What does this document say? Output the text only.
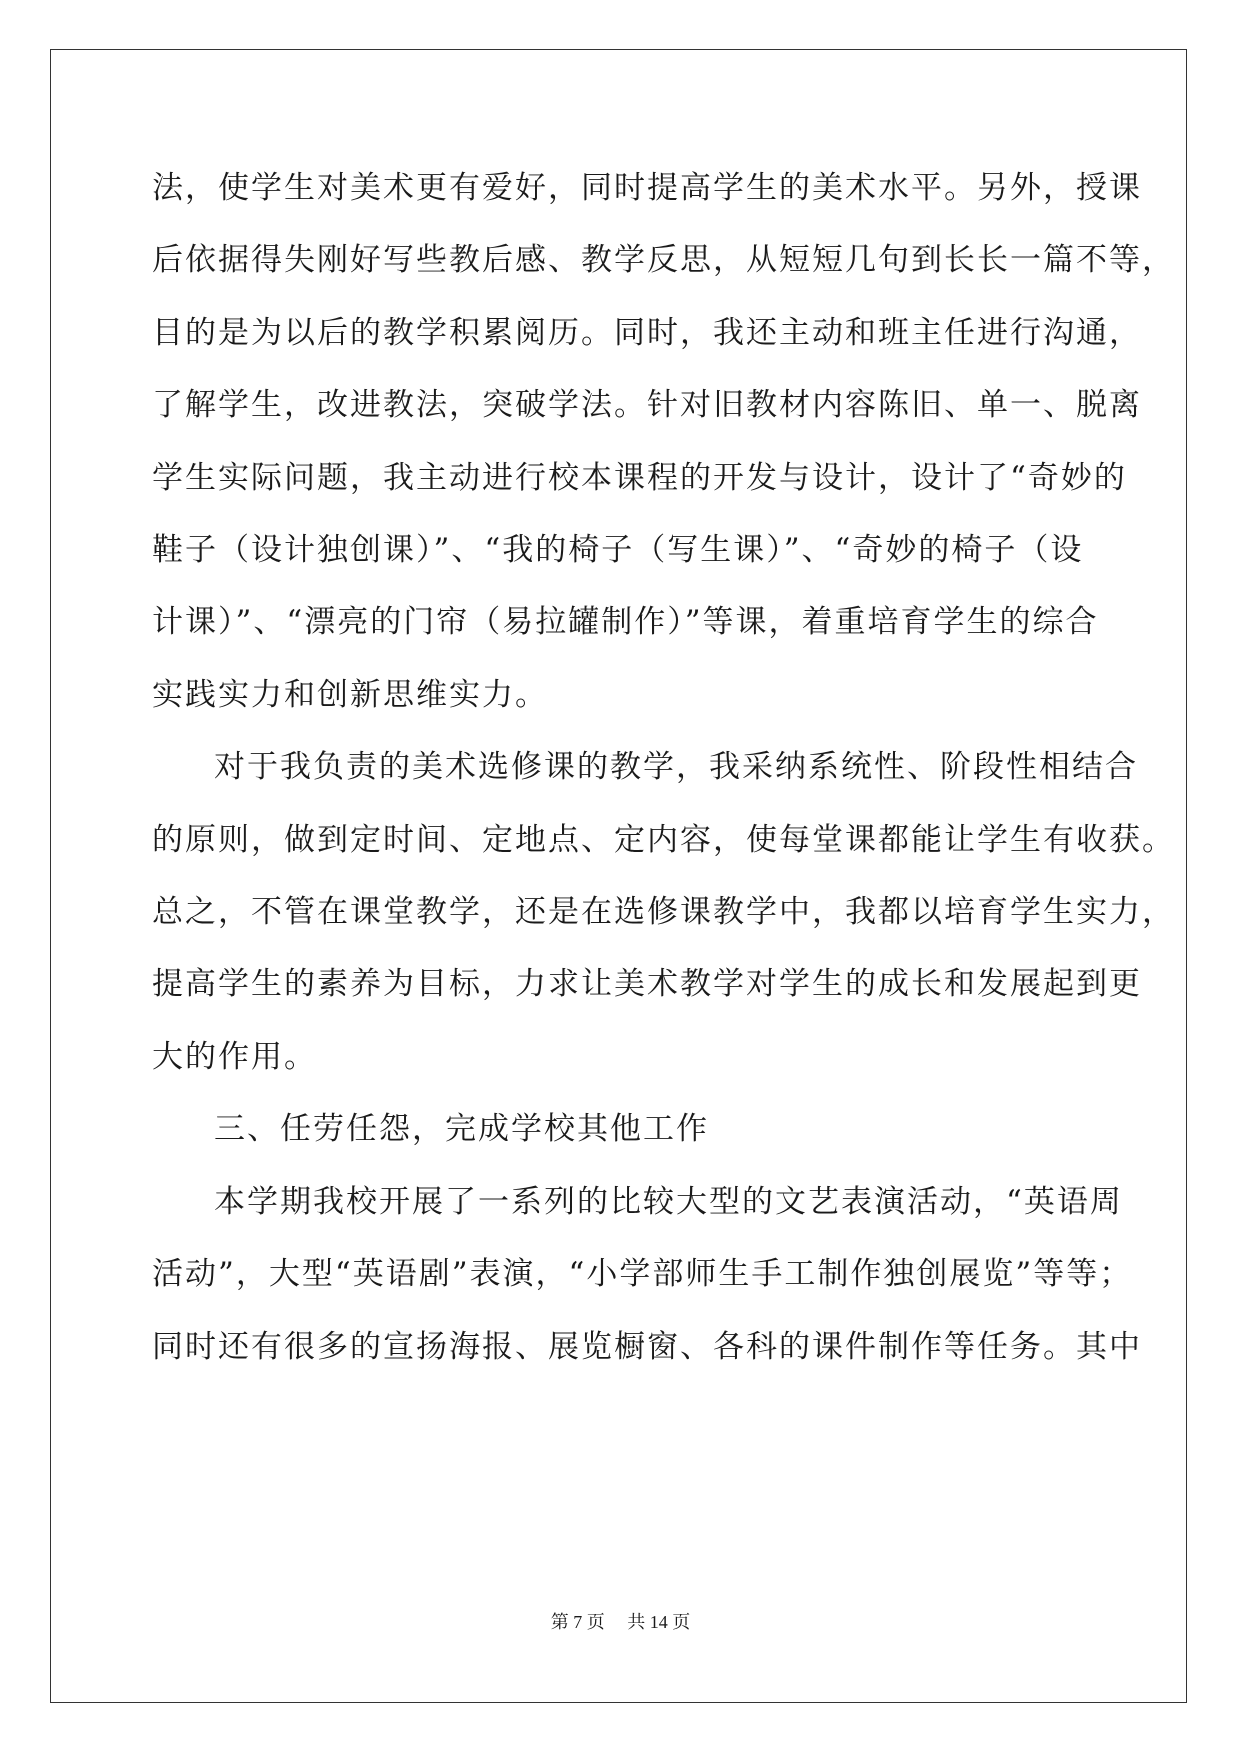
法，使学生对美术更有爱好，同时提高学生的美术水平。另外，授课
后依据得失刚好写些教后感、教学反思，从短短几句到长长一篇不等，
目的是为以后的教学积累阅历。同时，我还主动和班主任进行沟通，
了解学生，改进教法，突破学法。针对旧教材内容陈旧、单一、脱离
学生实际问题，我主动进行校本课程的开发与设计，设计了“奇妙的
鞋子（设计独创课）”、“我的椅子（写生课）”、“奇妙的椅子（设
计课）”、“漂亮的门帘（易拉罐制作）”等课，着重培育学生的综合
实践实力和创新思维实力。
对于我负责的美术选修课的教学，我采纳系统性、阶段性相结合
的原则，做到定时间、定地点、定内容，使每堂课都能让学生有收获。
总之，不管在课堂教学，还是在选修课教学中，我都以培育学生实力，
提高学生的素养为目标，力求让美术教学对学生的成长和发展起到更
大的作用。
三、任劳任怨，完成学校其他工作
本学期我校开展了一系列的比较大型的文艺表演活动，“英语周
活动”，大型“英语剧”表演，“小学部师生手工制作独创展览”等等；
同时还有很多的宣扬海报、展览橱窗、各科的课件制作等任务。其中
第 7 页　 共 14 页
